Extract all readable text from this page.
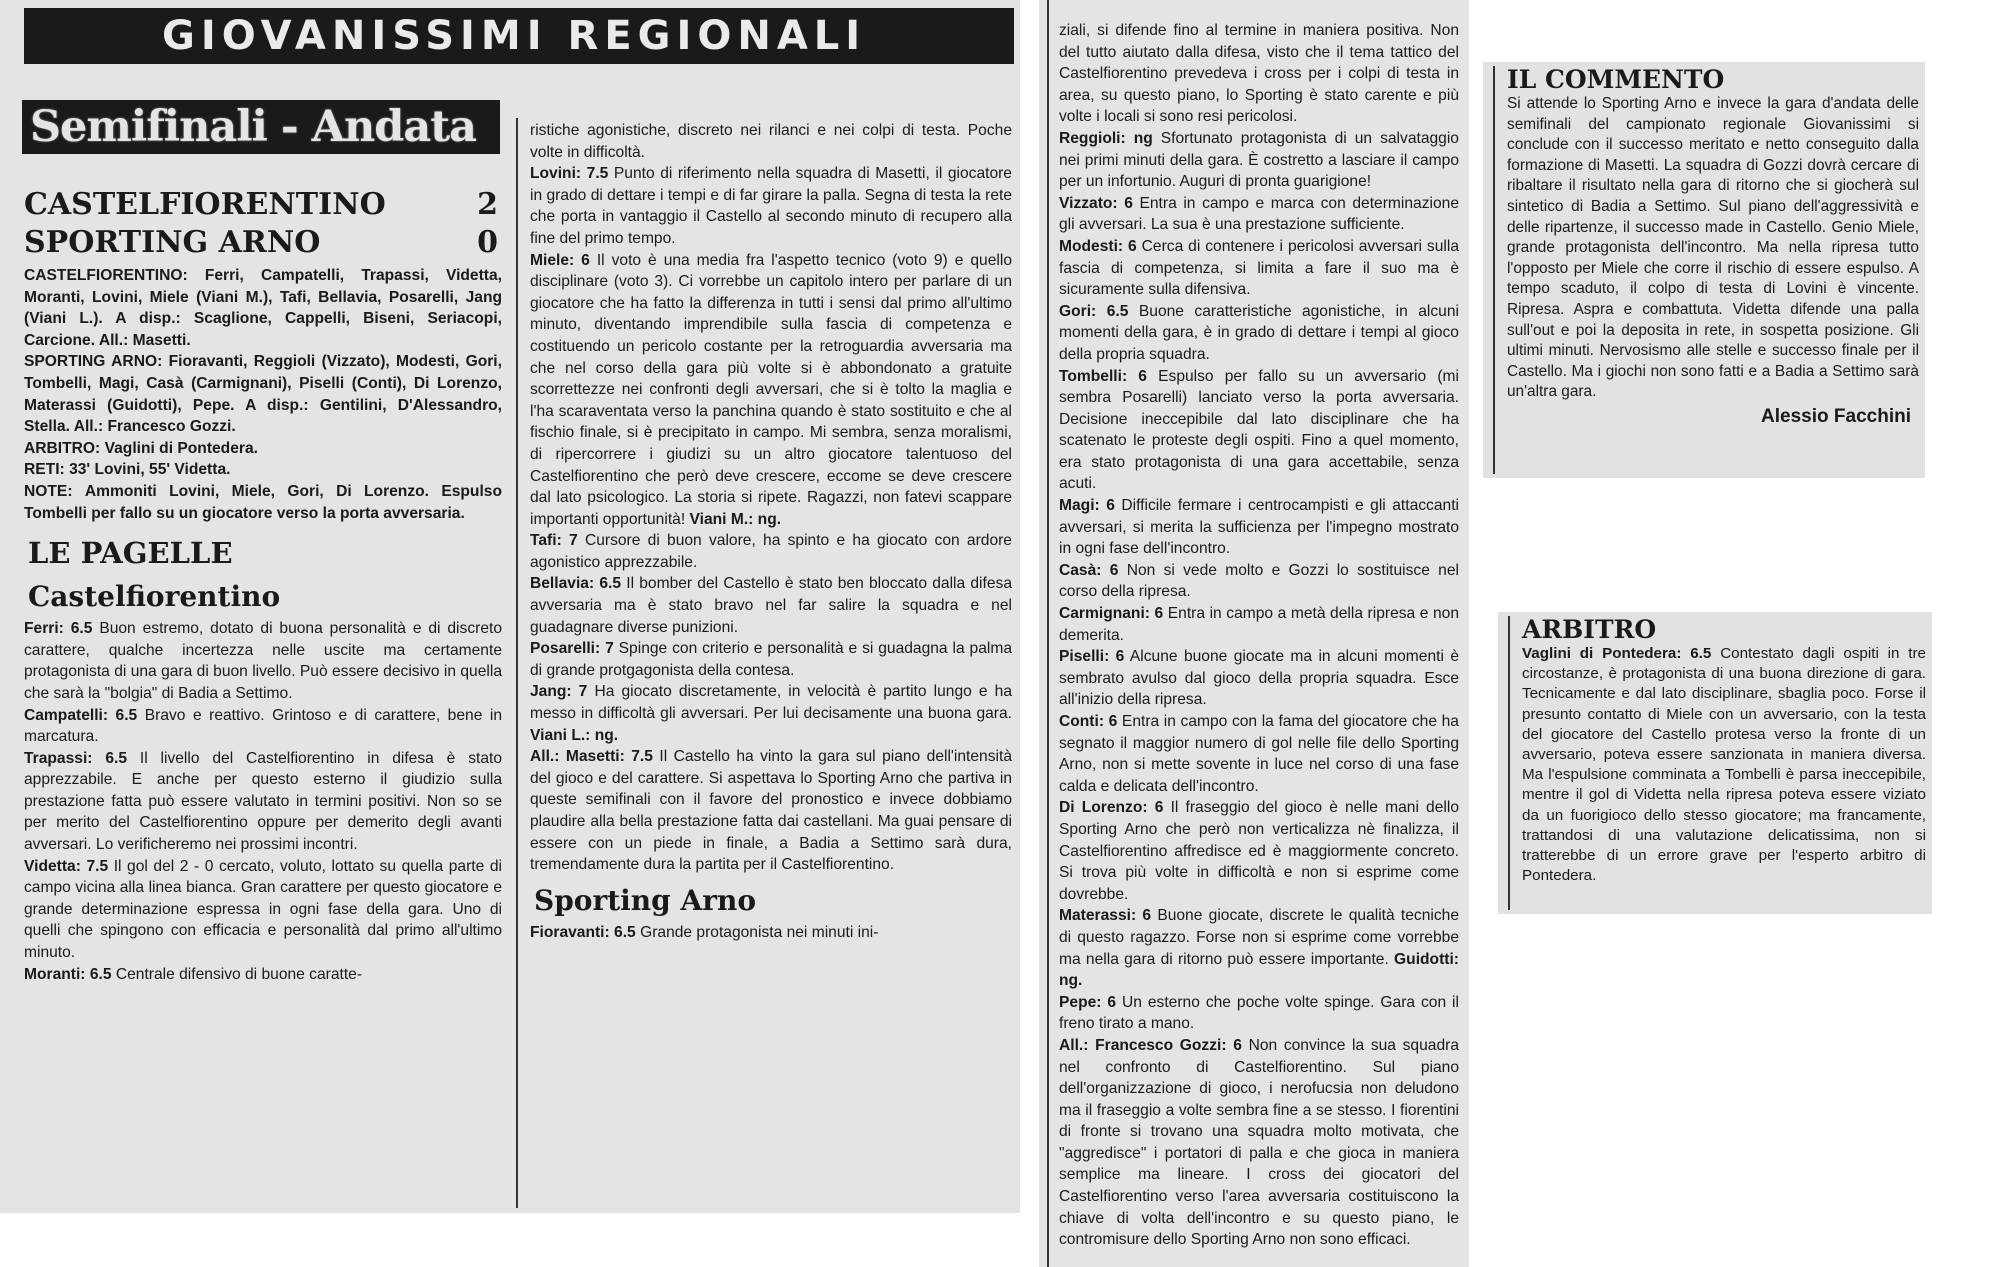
GIOVANISSIMI REGIONALI
Semifinali - Andata
CASTELFIORENTINO	2
SPORTING ARNO	0

CASTELFIORENTINO: Ferri, Campatelli, Trapassi, Videtta, Moranti, Lovini, Miele (Viani M.), Tafi, Bellavia, Posarelli, Jang (Viani L.). A disp.: Scaglione, Cappelli, Biseni, Seriacopi, Carcione. All.: Masetti.

SPORTING ARNO: Fioravanti, Reggioli (Vizzato), Modesti, Gori, Tombelli, Magi, Casà (Carmignani), Piselli (Conti), Di Lorenzo, Materassi (Guidotti), Pepe. A disp.: Gentilini, D'Alessandro, Stella. All.: Francesco Gozzi.

ARBITRO: Vaglini di Pontedera.

RETI: 33' Lovini, 55' Videtta.

NOTE: Ammoniti Lovini, Miele, Gori, Di Lorenzo. Espulso Tombelli per fallo su un giocatore verso la porta avversaria.

LE PAGELLE
Castelfiorentino

Ferri: 6.5 Buon estremo, dotato di buona personalità e di discreto carattere, qualche incertezza nelle uscite ma certamente protagonista di una gara di buon livello. Può essere decisivo in quella che sarà la "bolgia" di Badia a Settimo.

Campatelli: 6.5 Bravo e reattivo. Grintoso e di carattere, bene in marcatura.

Trapassi: 6.5 Il livello del Castelfiorentino in difesa è stato apprezzabile. E anche per questo esterno il giudizio sulla prestazione fatta può essere valutato in termini positivi. Non so se per merito del Castelfiorentino oppure per demerito degli avanti avversari. Lo verificheremo nei prossimi incontri.

Videtta: 7.5 Il gol del 2 - 0 cercato, voluto, lottato su quella parte di campo vicina alla linea bianca. Gran carattere per questo giocatore e grande determinazione espressa in ogni fase della gara. Uno di quelli che spingono con efficacia e personalità dal primo all'ultimo minuto.

Moranti: 6.5 Centrale difensivo di buone caratte-

ristiche agonistiche, discreto nei rilanci e nei colpi di testa. Poche volte in difficoltà.

Lovini: 7.5 Punto di riferimento nella squadra di Masetti, il giocatore in grado di dettare i tempi e di far girare la palla. Segna di testa la rete che porta in vantaggio il Castello al secondo minuto di recupero alla fine del primo tempo.

Miele: 6 Il voto è una media fra l'aspetto tecnico (voto 9) e quello disciplinare (voto 3). Ci vorrebbe un capitolo intero per parlare di un giocatore che ha fatto la differenza in tutti i sensi dal primo all'ultimo minuto, diventando imprendibile sulla fascia di competenza e costituendo un pericolo costante per la retroguardia avversaria ma che nel corso della gara più volte si è abbondonato a gratuite scorrettezze nei confronti degli avversari, che si è tolto la maglia e l'ha scaraventata verso la panchina quando è stato sostituito e che al fischio finale, si è precipitato in campo. Mi sembra, senza moralismi, di ripercorrere i giudizi su un altro giocatore talentuoso del Castelfiorentino che però deve crescere, eccome se deve crescere dal lato psicologico. La storia si ripete. Ragazzi, non fatevi scappare importanti opportunità! Viani M.: ng.

Tafi: 7 Cursore di buon valore, ha spinto e ha giocato con ardore agonistico apprezzabile.

Bellavia: 6.5 Il bomber del Castello è stato ben bloccato dalla difesa avversaria ma è stato bravo nel far salire la squadra e nel guadagnare diverse punizioni.

Posarelli: 7 Spinge con criterio e personalità e si guadagna la palma di grande protgagonista della contesa.

Jang: 7 Ha giocato discretamente, in velocità è partito lungo e ha messo in difficoltà gli avversari. Per lui decisamente una buona gara. Viani L.: ng.

All.: Masetti: 7.5 Il Castello ha vinto la gara sul piano dell'intensità del gioco e del carattere. Si aspettava lo Sporting Arno che partiva in queste semifinali con il favore del pronostico e invece dobbiamo plaudire alla bella prestazione fatta dai castellani. Ma guai pensare di essere con un piede in finale, a Badia a Settimo sarà dura, tremendamente dura la partita per il Castelfiorentino.

Sporting Arno

Fioravanti: 6.5 Grande protagonista nei minuti ini-

ziali, si difende fino al termine in maniera positiva. Non del tutto aiutato dalla difesa, visto che il tema tattico del Castelfiorentino prevedeva i cross per i colpi di testa in area, su questo piano, lo Sporting è stato carente e più volte i locali si sono resi pericolosi.

Reggioli: ng Sfortunato protagonista di un salvataggio nei primi minuti della gara. È costretto a lasciare il campo per un infortunio. Auguri di pronta guarigione!

Vizzato: 6 Entra in campo e marca con determinazione gli avversari. La sua è una prestazione sufficiente.

Modesti: 6 Cerca di contenere i pericolosi avversari sulla fascia di competenza, si limita a fare il suo ma è sicuramente sulla difensiva.

Gori: 6.5 Buone caratteristiche agonistiche, in alcuni momenti della gara, è in grado di dettare i tempi al gioco della propria squadra.

Tombelli: 6 Espulso per fallo su un avversario (mi sembra Posarelli) lanciato verso la porta avversaria. Decisione ineccepibile dal lato disciplinare che ha scatenato le proteste degli ospiti. Fino a quel momento, era stato protagonista di una gara accettabile, senza acuti.

Magi: 6 Difficile fermare i centrocampisti e gli attaccanti avversari, si merita la sufficienza per l'impegno mostrato in ogni fase dell'incontro.

Casà: 6 Non si vede molto e Gozzi lo sostituisce nel corso della ripresa.

Carmignani: 6 Entra in campo a metà della ripresa e non demerita.

Piselli: 6 Alcune buone giocate ma in alcuni momenti è sembrato avulso dal gioco della propria squadra. Esce all'inizio della ripresa.

Conti: 6 Entra in campo con la fama del giocatore che ha segnato il maggior numero di gol nelle file dello Sporting Arno, non si mette sovente in luce nel corso di una fase calda e delicata dell'incontro.

Di Lorenzo: 6 Il fraseggio del gioco è nelle mani dello Sporting Arno che però non verticalizza nè finalizza, il Castelfiorentino affredisce ed è maggiormente concreto. Si trova più volte in difficoltà e non si esprime come dovrebbe.

Materassi: 6 Buone giocate, discrete le qualità tecniche di questo ragazzo. Forse non si esprime come vorrebbe ma nella gara di ritorno può essere importante. Guidotti: ng.

Pepe: 6 Un esterno che poche volte spinge. Gara con il freno tirato a mano.

All.: Francesco Gozzi: 6 Non convince la sua squadra nel confronto di Castelfiorentino. Sul piano dell'organizzazione di gioco, i nerofucsia non deludono ma il fraseggio a volte sembra fine a se stesso. I fiorentini di fronte si trovano una squadra molto motivata, che "aggredisce" i portatori di palla e che gioca in maniera semplice ma lineare. I cross dei giocatori del Castelfiorentino verso l'area avversaria costituiscono la chiave di volta dell'incontro e su questo piano, le contromisure dello Sporting Arno non sono efficaci.

IL COMMENTO
Si attende lo Sporting Arno e invece la gara d'andata delle semifinali del campionato regionale Giovanissimi si conclude con il successo meritato e netto conseguito dalla formazione di Masetti. La squadra di Gozzi dovrà cercare di ribaltare il risultato nella gara di ritorno che si giocherà sul sintetico di Badia a Settimo. Sul piano dell'aggressività e delle ripartenze, il successo made in Castello. Genio Miele, grande protagonista dell'incontro. Ma nella ripresa tutto l'opposto per Miele che corre il rischio di essere espulso. A tempo scaduto, il colpo di testa di Lovini è vincente. Ripresa. Aspra e combattuta. Videtta difende una palla sull'out e poi la deposita in rete, in sospetta posizione. Gli ultimi minuti. Nervosismo alle stelle e successo finale per il Castello. Ma i giochi non sono fatti e a Badia a Settimo sarà un'altra gara.
Alessio Facchini
ARBITRO
Vaglini di Pontedera: 6.5 Contestato dagli ospiti in tre circostanze, è protagonista di una buona direzione di gara. Tecnicamente e dal lato disciplinare, sbaglia poco. Forse il presunto contatto di Miele con un avversario, con la testa del giocatore del Castello protesa verso la fronte di un avversario, poteva essere sanzionata in maniera diversa. Ma l'espulsione comminata a Tombelli è parsa ineccepibile, mentre il gol di Videtta nella ripresa poteva essere viziato da un fuorigioco dello stesso giocatore; ma francamente, trattandosi di una valutazione delicatissima, non si tratterebbe di un errore grave per l'esperto arbitro di Pontedera.
